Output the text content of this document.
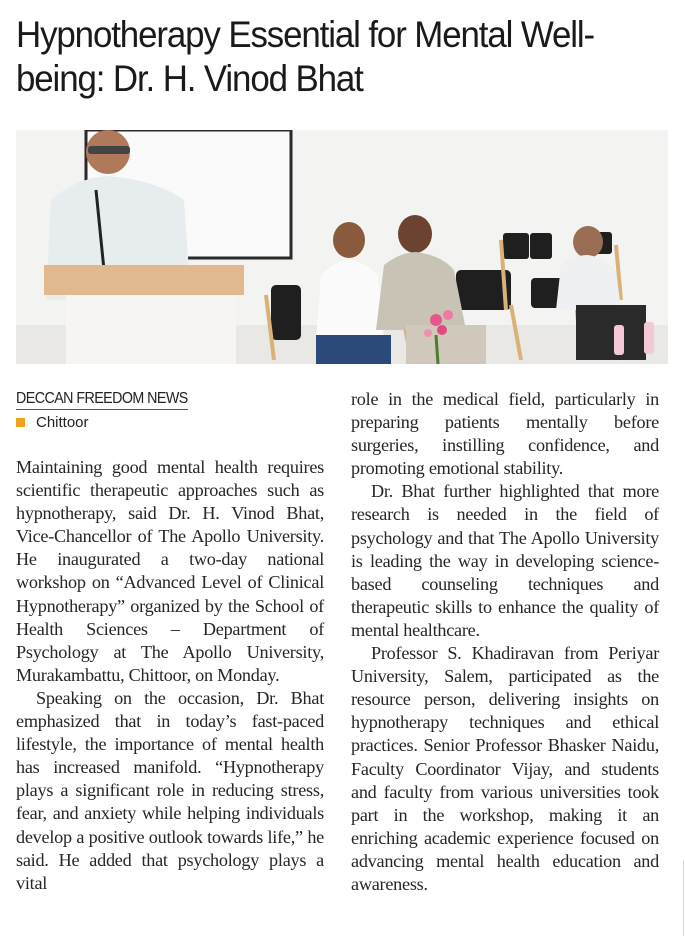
Hypnotherapy Essential for Mental Well-being: Dr. H. Vinod Bhat
DECCAN FREEDOM NEWS
Chittoor

Maintaining good mental health requires scientific therapeutic approaches such as hypnotherapy, said Dr. H. Vinod Bhat, Vice-Chancellor of The Apollo University. He inaugurated a two-day national workshop on “Advanced Level of Clinical Hypnotherapy” organized by the School of Health Sciences – Department of Psychology at The Apollo University, Murakambattu, Chittoor, on Monday.

Speaking on the occasion, Dr. Bhat emphasized that in today’s fast-paced lifestyle, the importance of mental health has increased manifold. “Hypnotherapy plays a significant role in reducing stress, fear, and anxiety while helping individuals develop a positive outlook towards life,” he said. He added that psychology plays a vital

role in the medical field, particularly in preparing patients mentally before surgeries, instilling confidence, and promoting emotional stability.

Dr. Bhat further highlighted that more research is needed in the field of psychology and that The Apollo University is leading the way in developing science-based counseling techniques and therapeutic skills to enhance the quality of mental healthcare.

Professor S. Khadiravan from Periyar University, Salem, participated as the resource person, delivering insights on hypnotherapy techniques and ethical practices. Senior Professor Bhasker Naidu, Faculty Coordinator Vijay, and students and faculty from various universities took part in the workshop, making it an enriching academic experience focused on advancing mental health education and awareness.
